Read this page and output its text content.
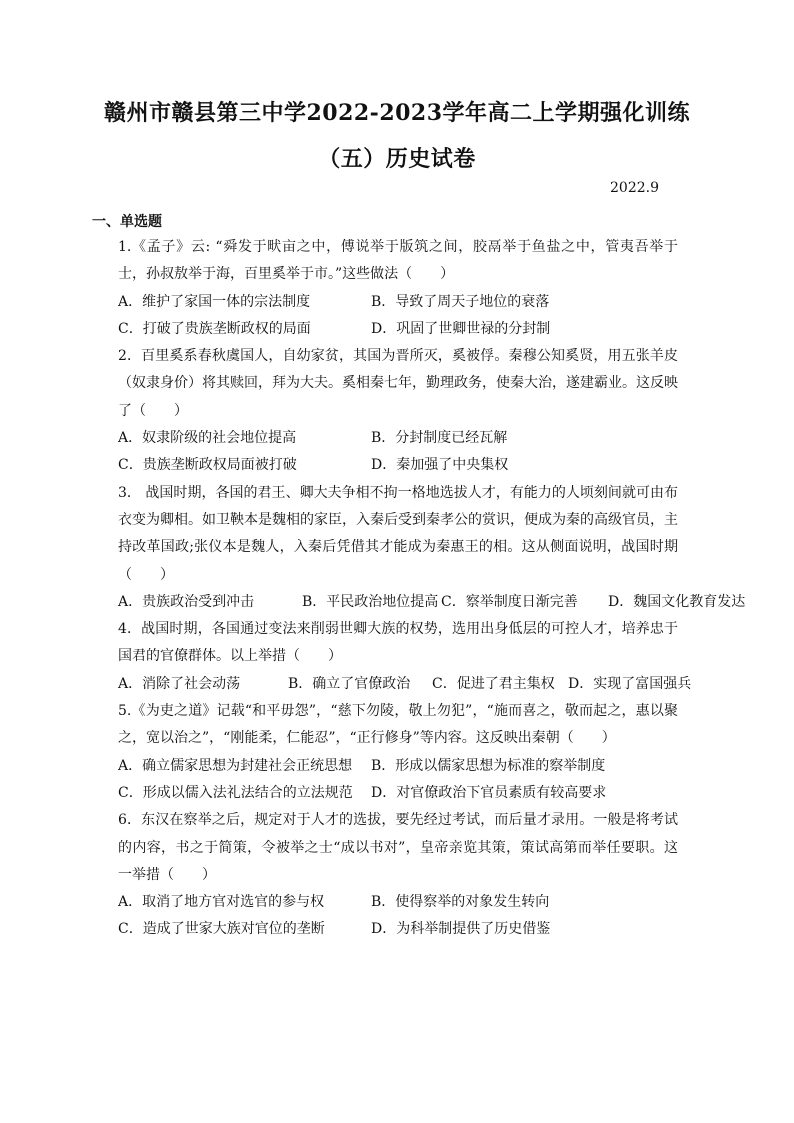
赣州市赣县第三中学2022-2023学年高二上学期强化训练
（五）历史试卷
2022.9
一、单选题

1.《孟子》云: “舜发于畎亩之中，傅说举于版筑之间，胶鬲举于鱼盐之中，管夷吾举于士，孙叔敖举于海，百里奚举于市。”这些做法（　　）

A．维护了家国一体的宗法制度	B．导致了周天子地位的衰落
C．打破了贵族垄断政权的局面	D．巩固了世卿世禄的分封制

2．百里奚系春秋虞国人，自幼家贫，其国为晋所灭，奚被俘。秦穆公知奚贤，用五张羊皮（奴隶身价）将其赎回，拜为大夫。奚相秦七年，勤理政务，使秦大治，遂建霸业。这反映了（　　）

A．奴隶阶级的社会地位提高	B．分封制度已经瓦解
C．贵族垄断政权局面被打破	D．秦加强了中央集权

3． 战国时期，各国的君王、卿大夫争相不拘一格地选拔人才，有能力的人顷刻间就可由布衣变为卿相。如卫鞅本是魏相的家臣，入秦后受到秦孝公的赏识，便成为秦的高级官员，主持改革国政;张仪本是魏人，入秦后凭借其才能成为秦惠王的相。这从侧面说明，战国时期（　　）

A．贵族政治受到冲击	B．平民政治地位提高 C．察举制度日渐完善 D．魏国文化教育发达

4．战国时期，各国通过变法来削弱世卿大族的权势，选用出身低层的可控人才，培养忠于国君的官僚群体。以上举措（　　）

A．消除了社会动荡	B．确立了官僚政治 C．促进了君主集权 D．实现了富国强兵

5.《为吏之道》记载“和平毋怨”，“慈下勿陵，敬上勿犯”，“施而喜之，敬而起之，惠以聚之，宽以治之”，“刚能柔，仁能忍”，“正行修身”等内容。这反映出秦朝（　　）

A．确立儒家思想为封建社会正统思想	B．形成以儒家思想为标准的察举制度
C．形成以儒入法礼法结合的立法规范	D．对官僚政治下官员素质有较高要求

6．东汉在察举之后，规定对于人才的选拔，要先经过考试，而后量才录用。一般是将考试的内容，书之于简策，令被举之士“成以书对”，皇帝亲览其策，策试高第而举任要职。这一举措（　　）

A．取消了地方官对选官的参与权	B．使得察举的对象发生转向
C．造成了世家大族对官位的垄断	D．为科举制提供了历史借鉴
